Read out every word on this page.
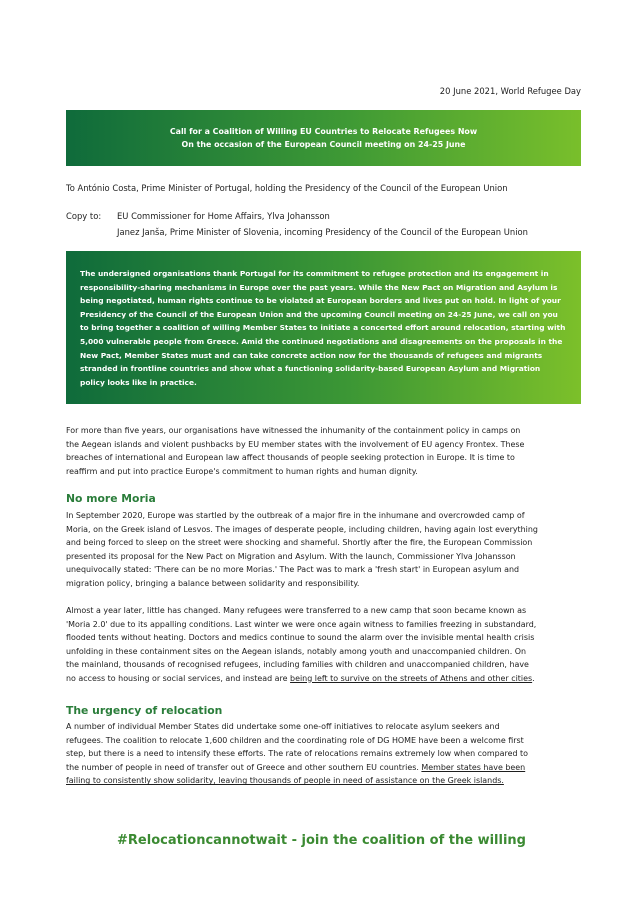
20 June 2021, World Refugee Day
Call for a Coalition of Willing EU Countries to Relocate Refugees Now
On the occasion of the European Council meeting on 24-25 June
To António Costa, Prime Minister of Portugal, holding the Presidency of the Council of the European Union
Copy to: EU Commissioner for Home Affairs, Ylva Johansson
Janez Janša, Prime Minister of Slovenia, incoming Presidency of the Council of the European Union
The undersigned organisations thank Portugal for its commitment to refugee protection and its engagement in responsibility-sharing mechanisms in Europe over the past years. While the New Pact on Migration and Asylum is being negotiated, human rights continue to be violated at European borders and lives put on hold. In light of your Presidency of the Council of the European Union and the upcoming Council meeting on 24-25 June, we call on you to bring together a coalition of willing Member States to initiate a concerted effort around relocation, starting with 5,000 vulnerable people from Greece. Amid the continued negotiations and disagreements on the proposals in the New Pact, Member States must and can take concrete action now for the thousands of refugees and migrants stranded in frontline countries and show what a functioning solidarity-based European Asylum and Migration policy looks like in practice.
For more than five years, our organisations have witnessed the inhumanity of the containment policy in camps on
the Aegean islands and violent pushbacks by EU member states with the involvement of EU agency Frontex. These
breaches of international and European law affect thousands of people seeking protection in Europe. It is time to
reaffirm and put into practice Europe's commitment to human rights and human dignity.
No more Moria
In September 2020, Europe was startled by the outbreak of a major fire in the inhumane and overcrowded camp of
Moria, on the Greek island of Lesvos. The images of desperate people, including children, having again lost everything
and being forced to sleep on the street were shocking and shameful. Shortly after the fire, the European Commission
presented its proposal for the New Pact on Migration and Asylum. With the launch, Commissioner Ylva Johansson
unequivocally stated: 'There can be no more Morias.' The Pact was to mark a 'fresh start' in European asylum and
migration policy, bringing a balance between solidarity and responsibility.
Almost a year later, little has changed. Many refugees were transferred to a new camp that soon became known as
'Moria 2.0' due to its appalling conditions. Last winter we were once again witness to families freezing in substandard,
flooded tents without heating. Doctors and medics continue to sound the alarm over the invisible mental health crisis
unfolding in these containment sites on the Aegean islands, notably among youth and unaccompanied children. On
the mainland, thousands of recognised refugees, including families with children and unaccompanied children, have
no access to housing or social services, and instead are being left to survive on the streets of Athens and other cities.
The urgency of relocation
A number of individual Member States did undertake some one-off initiatives to relocate asylum seekers and
refugees. The coalition to relocate 1,600 children and the coordinating role of DG HOME have been a welcome first
step, but there is a need to intensify these efforts. The rate of relocations remains extremely low when compared to
the number of people in need of transfer out of Greece and other southern EU countries. Member states have been
failing to consistently show solidarity, leaving thousands of people in need of assistance on the Greek islands.
#Relocationcannotwait - join the coalition of the willing
